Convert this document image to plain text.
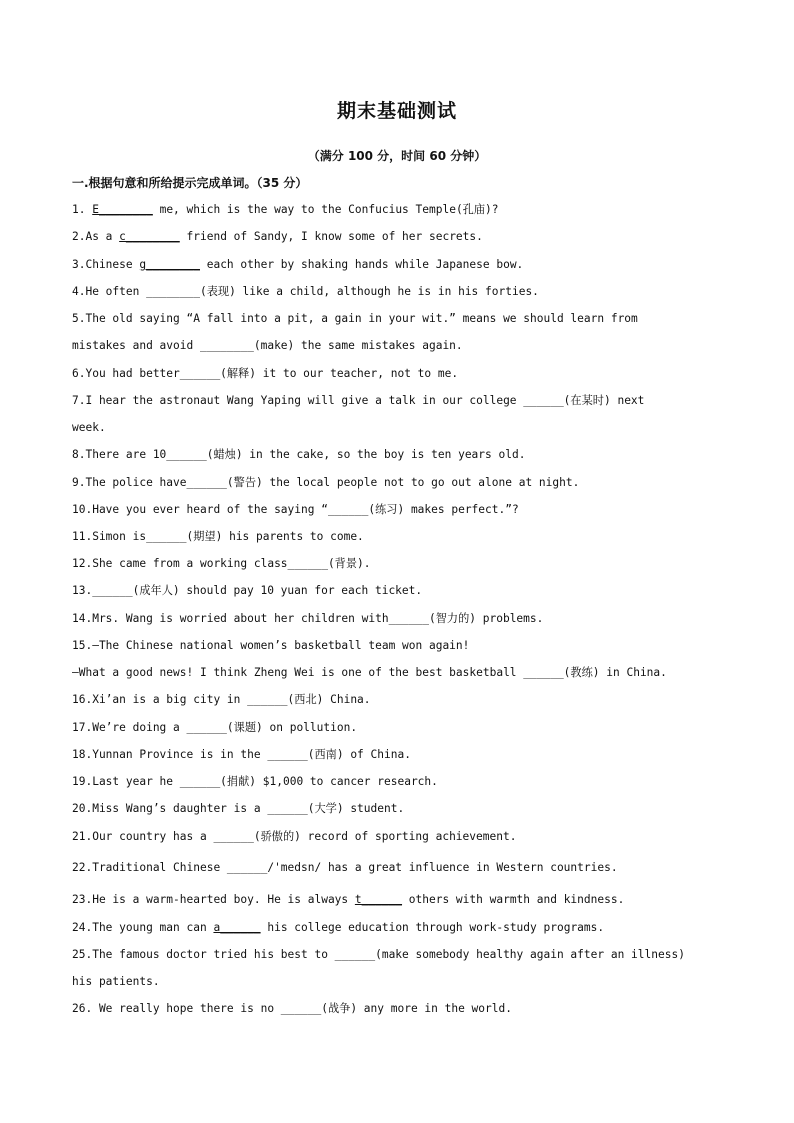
期末基础测试
（满分 100 分，时间 60 分钟）
一.根据句意和所给提示完成单词。（35 分）
1. E________ me, which is the way to the Confucius Temple(孔庙)?
2.As a c________ friend of Sandy, I know some of her secrets.
3.Chinese g________ each other by shaking hands while Japanese bow.
4.He often ________(表现) like a child, although he is in his forties.
5.The old saying “A fall into a pit, a gain in your wit.” means we should learn from
mistakes and avoid ________(make) the same mistakes again.
6.You had better______(解释) it to our teacher, not to me.
7.I hear the astronaut Wang Yaping will give a talk in our college ______(在某时) next
week.
8.There are 10______(蜡烛) in the cake, so the boy is ten years old.
9.The police have______(警告) the local people not to go out alone at night.
10.Have you ever heard of the saying “______(练习) makes perfect.”?
11.Simon is______(期望) his parents to come.
12.She came from a working class______(背景).
13.______(成年人) should pay 10 yuan for each ticket.
14.Mrs. Wang is worried about her children with______(智力的) problems.
15.—The Chinese national women’s basketball team won again!
—What a good news! I think Zheng Wei is one of the best basketball ______(教练) in China.
16.Xi’an is a big city in ______(西北) China.
17.We’re doing a ______(课题) on pollution.
18.Yunnan Province is in the ______(西南) of China.
19.Last year he ______(捐献) $1,000 to cancer research.
20.Miss Wang’s daughter is a ______(大学) student.
21.Our country has a ______(骄傲的) record of sporting achievement.
22.Traditional Chinese ______/'medsn/ has a great influence in Western countries.
23.He is a warm-hearted boy. He is always t______ others with warmth and kindness.
24.The young man can a______ his college education through work-study programs.
25.The famous doctor tried his best to ______(make somebody healthy again after an illness)
his patients.
26. We really hope there is no ______(战争) any more in the world.
